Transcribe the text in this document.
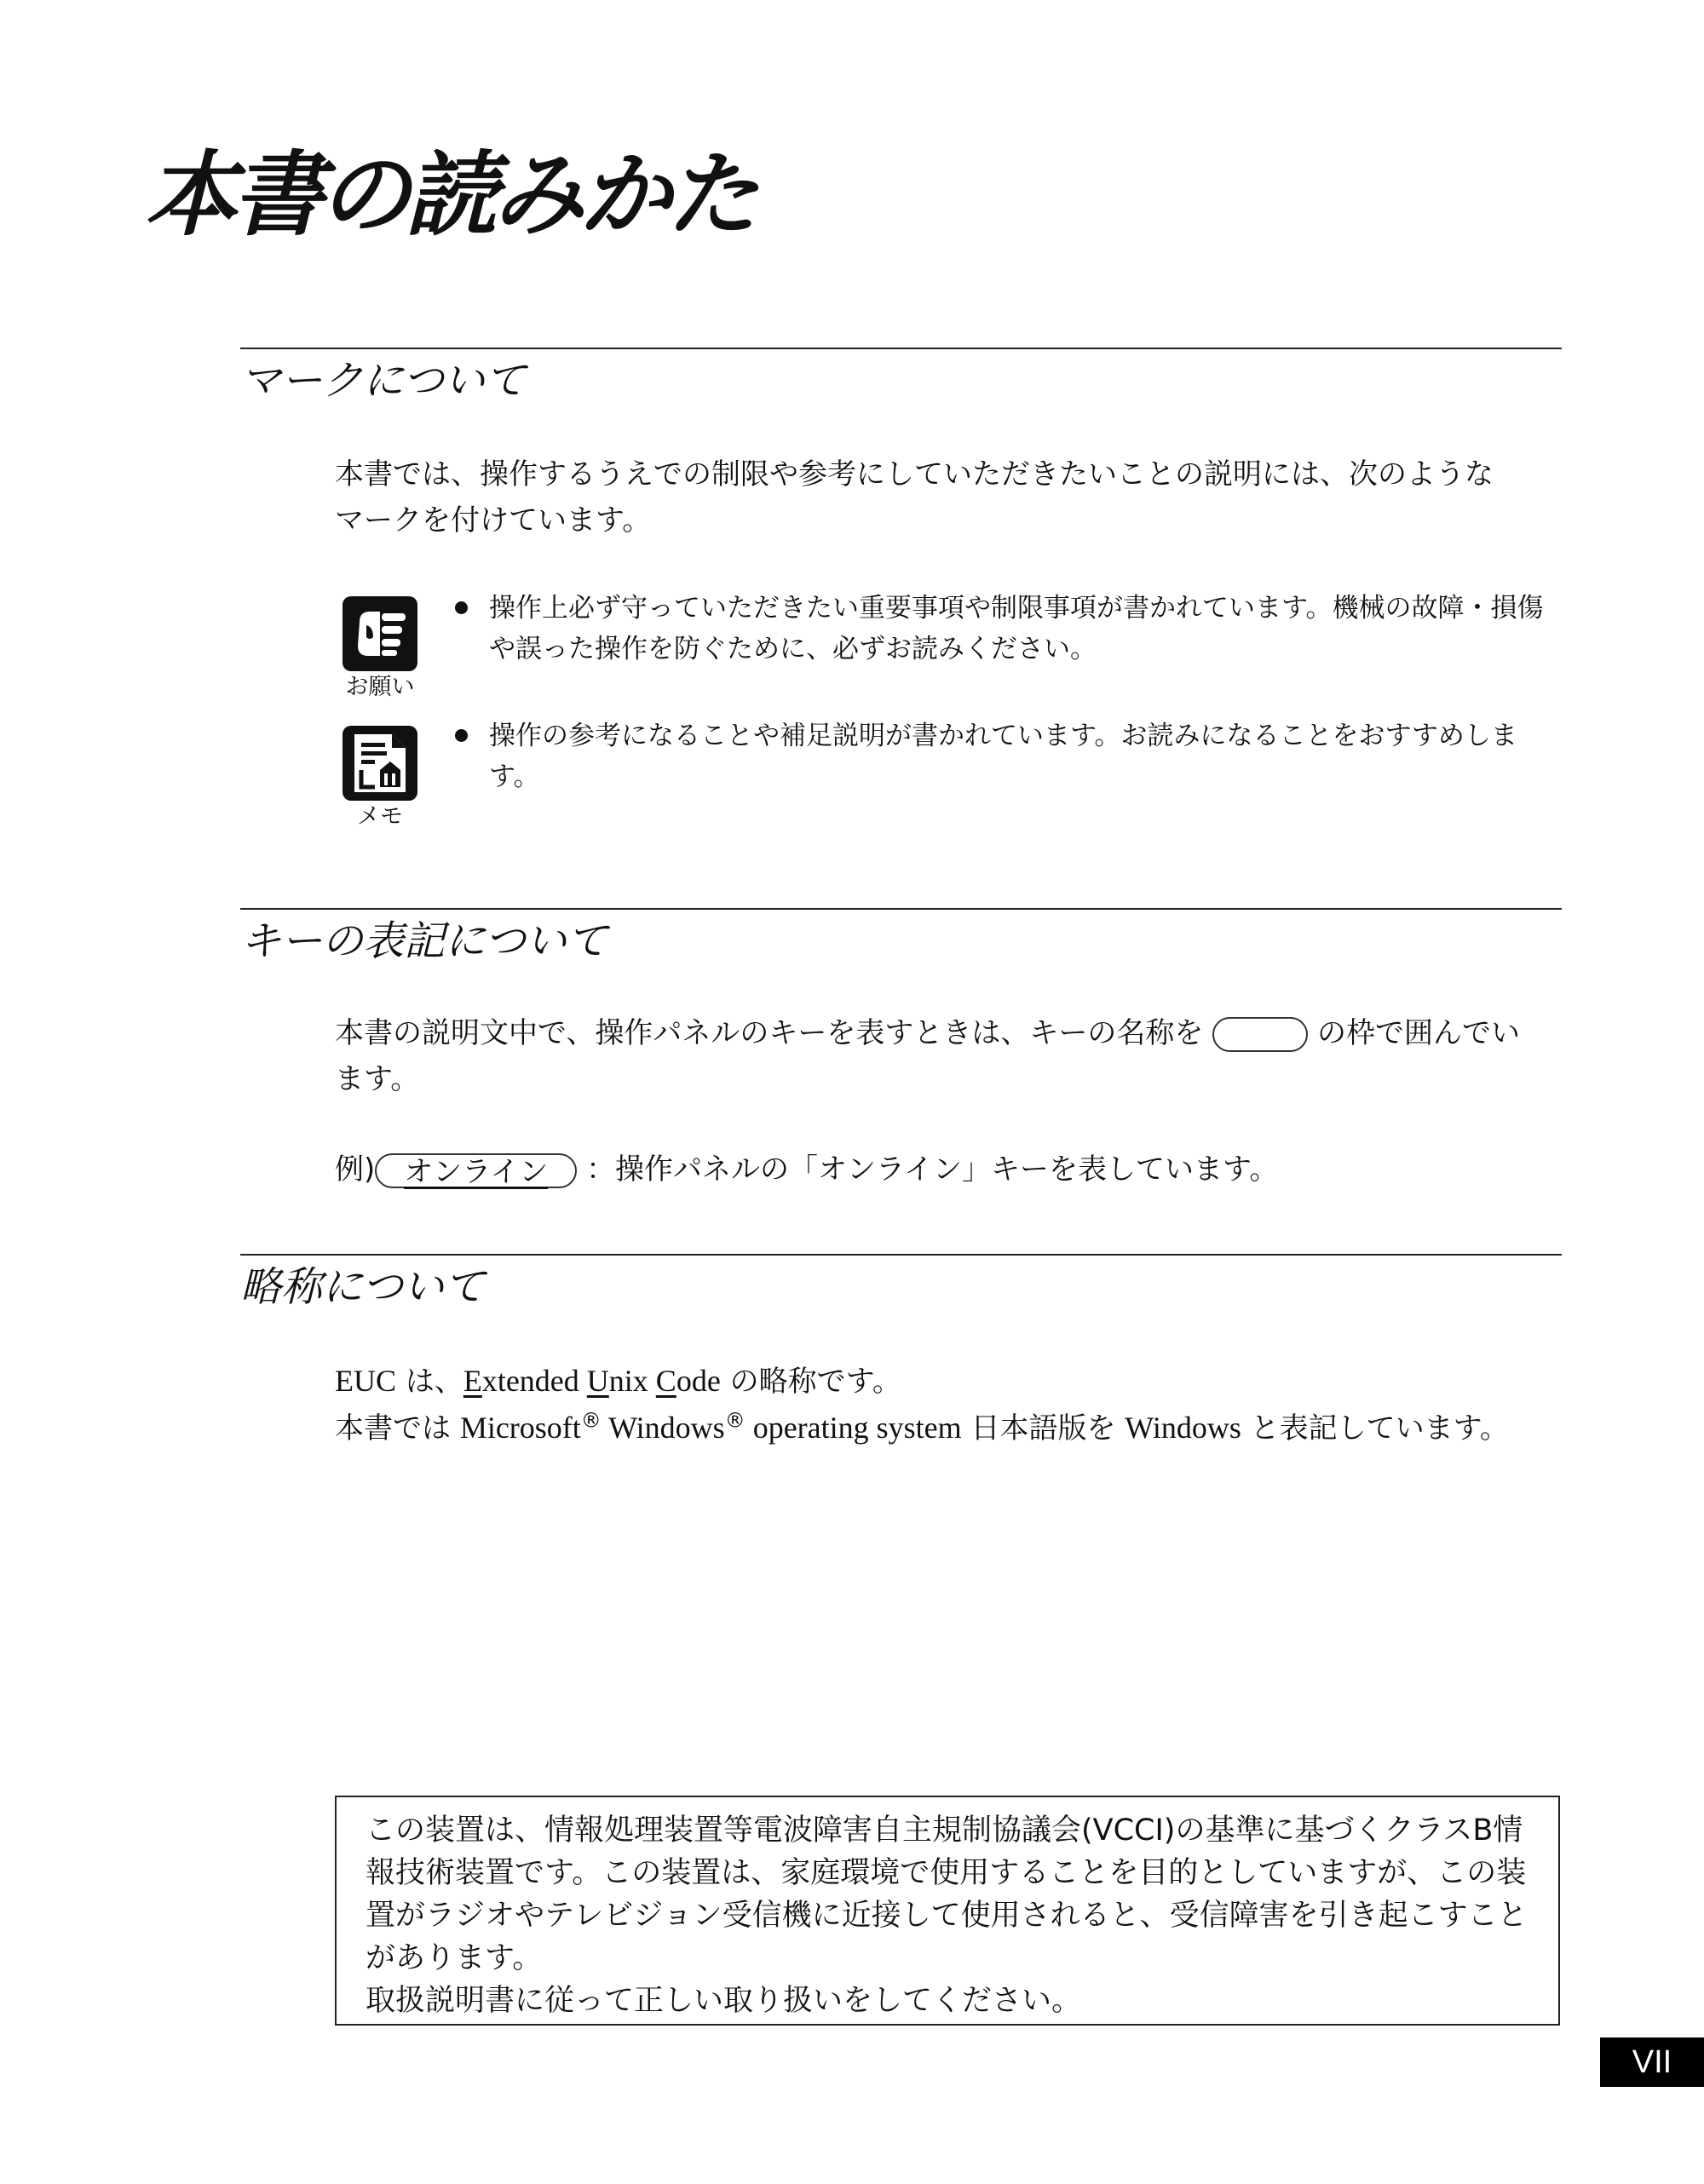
本書の読みかた
マークについて
本書では、操作するうえでの制限や参考にしていただきたいことの説明には、次のような
マークを付けています。
お願い
操作上必ず守っていただきたい重要事項や制限事項が書かれています。機械の故障・損傷
や誤った操作を防ぐために、必ずお読みください。
メモ
操作の参考になることや補足説明が書かれています。お読みになることをおすすめします。
キーの表記について
本書の説明文中で、操作パネルのキーを表すときは、キーの名称を	の枠で囲んでい
ます。
例) オンライン ：操作パネルの「オンライン」キーを表しています。
略称について
EUC は、Extended Unix Code の略称です。
本書では Microsoft® Windows® operating system 日本語版を Windows と表記しています。
この装置は、情報処理装置等電波障害自主規制協議会(VCCI)の基準に基づくクラスB情
報技術装置です。この装置は、家庭環境で使用することを目的としていますが、この装
置がラジオやテレビジョン受信機に近接して使用されると、受信障害を引き起こすこと
があります。
取扱説明書に従って正しい取り扱いをしてください。
VII
